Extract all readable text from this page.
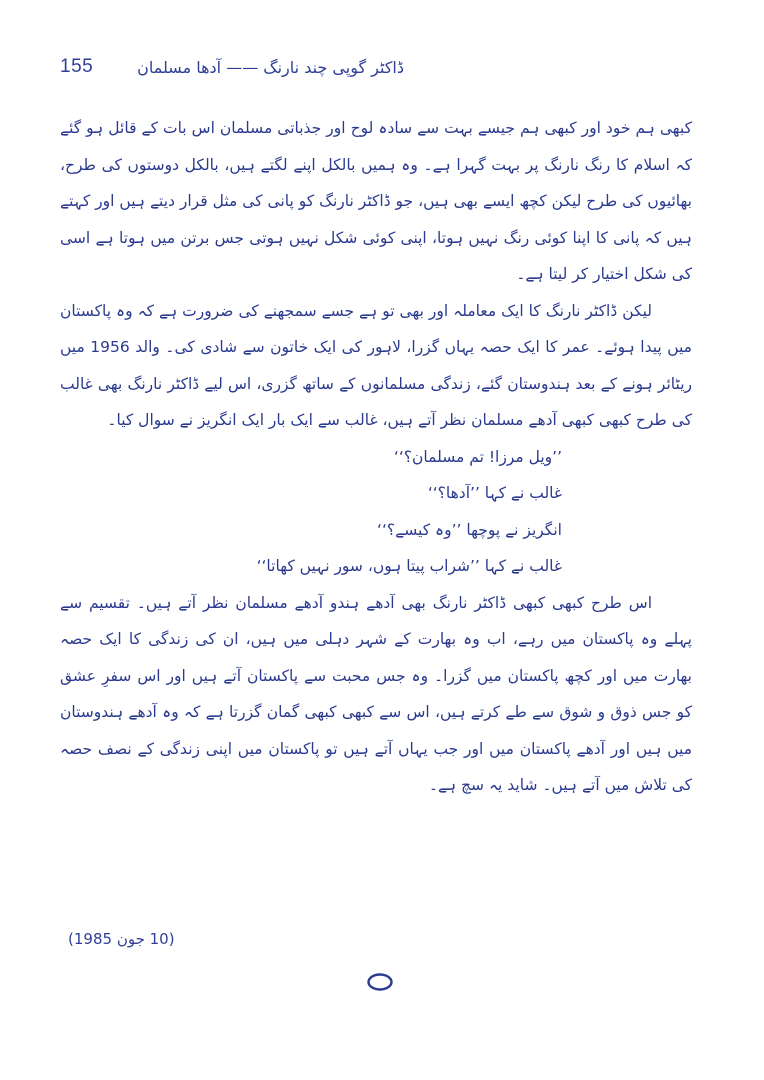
155	ڈاکٹر گوپی چند نارنگ —— آدھا مسلمان

کبھی ہم خود اور کبھی ہم جیسے بہت سے سادہ لوح اور جذباتی مسلمان اس بات کے قائل ہو گئے کہ اسلام کا رنگ نارنگ پر بہت گہرا ہے۔ وہ ہمیں بالکل اپنے لگتے ہیں، بالکل دوستوں کی طرح، بھائیوں کی طرح لیکن کچھ ایسے بھی ہیں، جو ڈاکٹر نارنگ کو پانی کی مثل قرار دیتے ہیں اور کہتے ہیں کہ پانی کا اپنا کوئی رنگ نہیں ہوتا، اپنی کوئی شکل نہیں ہوتی جس برتن میں ہوتا ہے اسی کی شکل اختیار کر لیتا ہے۔

لیکن ڈاکٹر نارنگ کا ایک معاملہ اور بھی تو ہے جسے سمجھنے کی ضرورت ہے کہ وہ پاکستان میں پیدا ہوئے۔ عمر کا ایک حصہ یہاں گزرا، لاہور کی ایک خاتون سے شادی کی۔ والد 1956 میں ریٹائر ہونے کے بعد ہندوستان گئے، زندگی مسلمانوں کے ساتھ گزری، اس لیے ڈاکٹر نارنگ بھی غالب کی طرح کبھی کبھی آدھے مسلمان نظر آتے ہیں، غالب سے ایک بار ایک انگریز نے سوال کیا۔

’’ویل مرزا! تم مسلمان؟‘‘

غالب نے کہا ’’آدھا؟‘‘

انگریز نے پوچھا ’’وہ کیسے؟‘‘

غالب نے کہا ’’شراب پیتا ہوں، سور نہیں کھاتا‘‘

اس طرح کبھی کبھی ڈاکٹر نارنگ بھی آدھے ہندو آدھے مسلمان نظر آتے ہیں۔ تقسیم سے پہلے وہ پاکستان میں رہے، اب وہ بھارت کے شہر دہلی میں ہیں، ان کی زندگی کا ایک حصہ بھارت میں اور کچھ پاکستان میں گزرا۔ وہ جس محبت سے پاکستان آتے ہیں اور اس سفرِ عشق کو جس ذوق و شوق سے طے کرتے ہیں، اس سے کبھی کبھی گمان گزرتا ہے کہ وہ آدھے ہندوستان میں ہیں اور آدھے پاکستان میں اور جب یہاں آتے ہیں تو پاکستان میں اپنی زندگی کے نصف حصہ کی تلاش میں آتے ہیں۔ شاید یہ سچ ہے۔

(10 جون 1985)
